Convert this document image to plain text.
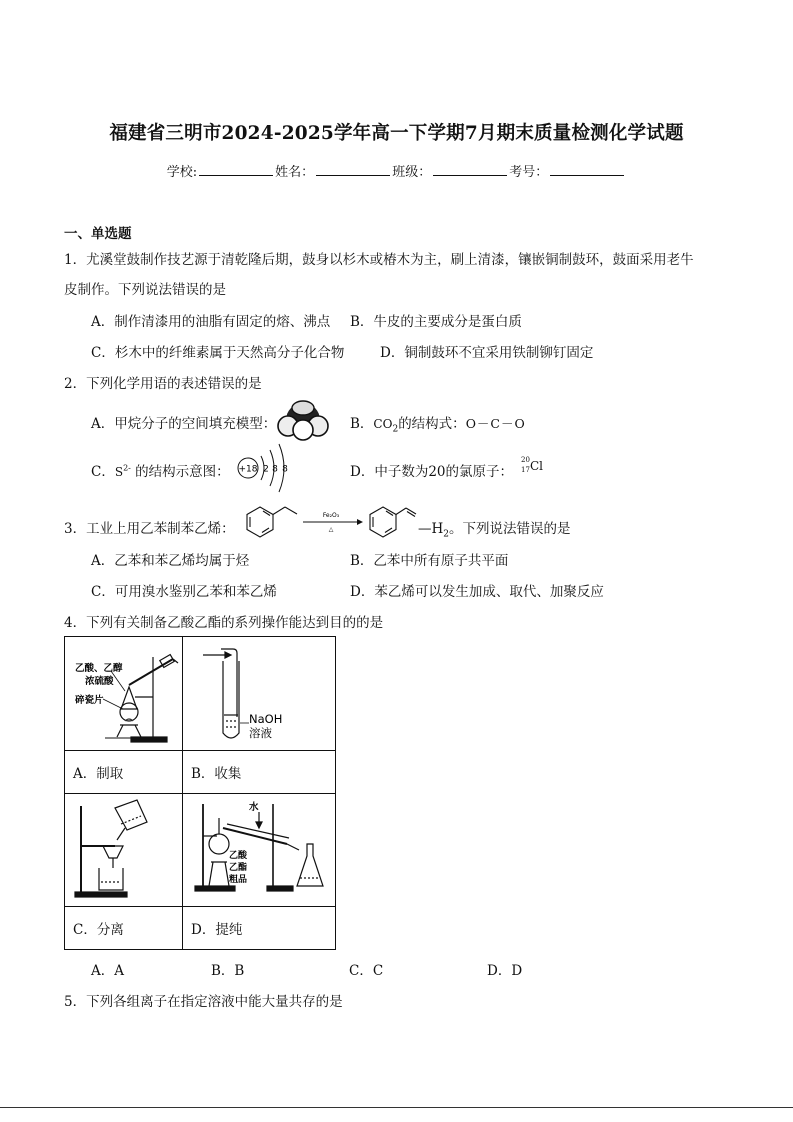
福建省三明市2024-2025学年高一下学期7月期末质量检测化学试题
学校:	姓名：	班级：	考号：
一、单选题
1．尤溪堂鼓制作技艺源于清乾隆后期，鼓身以杉木或椿木为主，刷上清漆，镶嵌铜制鼓环，鼓面采用老牛
皮制作。下列说法错误的是
A．制作清漆用的油脂有固定的熔、沸点 B．牛皮的主要成分是蛋白质
C．杉木中的纤维素属于天然高分子化合物	D．铜制鼓环不宜采用铁制铆钉固定
2．下列化学用语的表述错误的是
A．甲烷分子的空间填充模型：	B．$CO_2$的结构式：O－C－O
C．$S^{2-}$ 的结构示意图： +18 2 8 8	D．中子数为20的氯原子：
20
17 Cl
3．工业上用乙苯制苯乙烯：
Fe₂O₃
△	$—H_2$。下列说法错误的是
A．乙苯和苯乙烯均属于烃	B．乙苯中所有原子共平面
C．可用溴水鉴别乙苯和苯乙烯	D．苯乙烯可以发生加成、取代、加聚反应
4．下列有关制备乙酸乙酯的系列操作能达到目的的是
乙酸、乙醇
浓硫酸
碎瓷片	NaOH
溶液

A．制取	B．收集

水
乙酸
乙酯
粗品

C．分离	D．提纯
A．A	B．B	C．C	D．D
5．下列各组离子在指定溶液中能大量共存的是
